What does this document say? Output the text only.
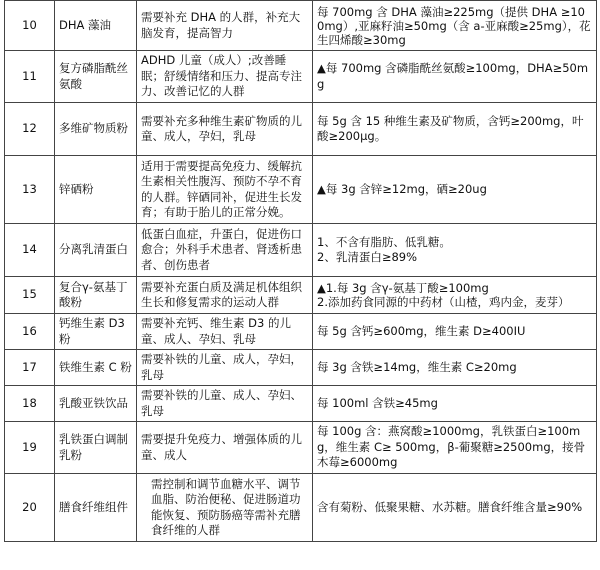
10	DHA 藻油	需要补充 DHA 的人群，补充大脑发育，提高智力	每 700mg 含 DHA 藻油≥225mg（提供 DHA ≥100mg）,亚麻籽油≥50mg（含 a-亚麻酸≥25mg），花生四烯酸≥30mg
11	复方磷脂酰丝氨酸	ADHD 儿童（成人）;改善睡眠；舒缓情绪和压力、提高专注力、改善记忆的人群	▲每 700mg 含磷脂酰丝氨酸≥100mg，DHA≥50mg
12	多维矿物质粉	需要补充多种维生素矿物质的儿童、成人，孕妇，乳母	每 5g 含 15 种维生素及矿物质，含钙≥200mg，叶酸≥200μg。
13	锌硒粉	适用于需要提高免疫力、缓解抗生素相关性腹泻、预防不孕不育的人群。锌硒同补，促进生长发育；有助于胎儿的正常分娩。	▲每 3g 含锌≥12mg，硒≥20ug
14	分离乳清蛋白	低蛋白血症，升蛋白，促进伤口愈合；外科手术患者、肾透析患者、创伤患者	1、不含有脂肪、低乳糖。
2、乳清蛋白≥89%
15	复合γ-氨基丁酸粉	需要补充蛋白质及满足机体组织生长和修复需求的运动人群	▲1.每 3g 含γ-氨基丁酸≥100mg
2.添加药食同源的中药材（山楂，鸡内金，麦芽）
16	钙维生素 D3 粉	需要补充钙、维生素 D3 的儿童、成人、孕妇、乳母	每 5g 含钙≥600mg，维生素 D≥400IU
17	铁维生素 C 粉	需要补铁的儿童、成人，孕妇，乳母	每 3g 含铁≥14mg，维生素 C≥20mg
18	乳酸亚铁饮品	需要补铁的儿童、成人、孕妇、乳母	每 100ml 含铁≥45mg
19	乳铁蛋白调制乳粉	需要提升免疫力、增强体质的儿童、成人	每 100g 含：燕窝酸≥1000mg，乳铁蛋白≥100mg，维生素 C≥ 500mg，β-葡聚糖≥2500mg，接骨木莓≥6000mg
20	膳食纤维组件	需控制和调节血糖水平、调节血脂、防治便秘、促进肠道功能恢复、预防肠癌等需补充膳食纤维的人群	含有菊粉、低聚果糖、水苏糖。膳食纤维含量≥90%
